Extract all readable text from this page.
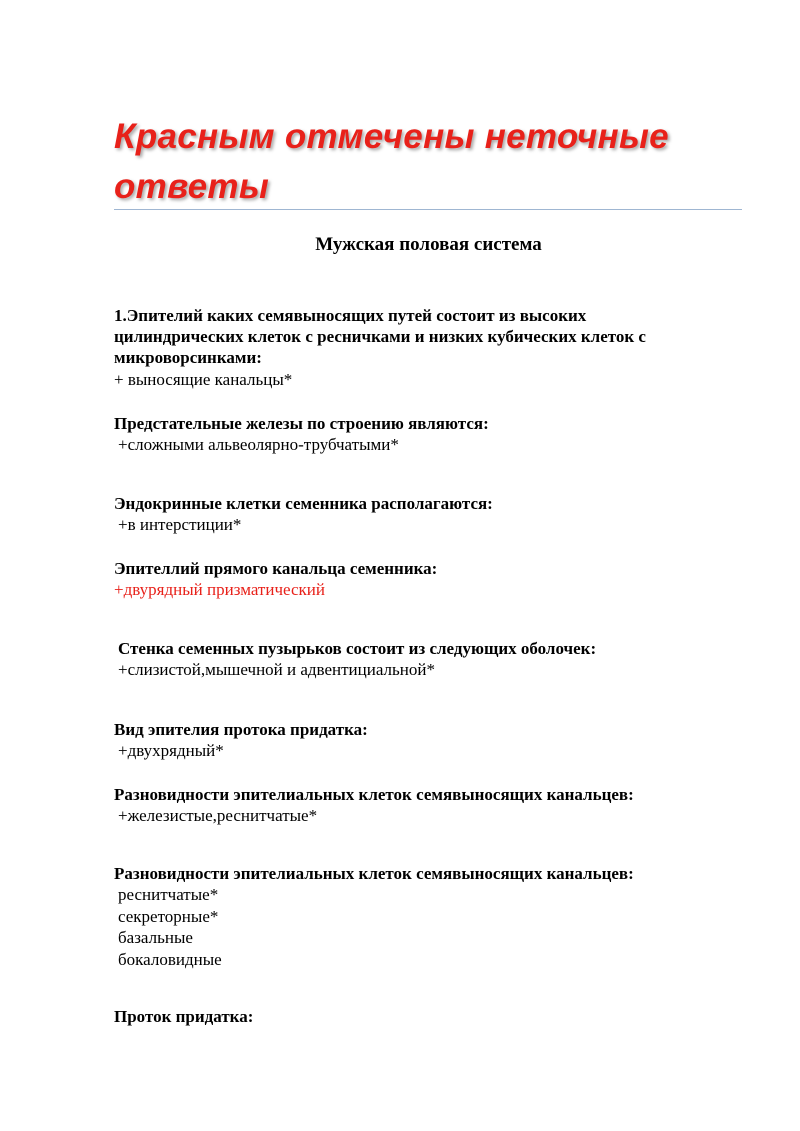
Красным отмечены неточные
ответы
Мужская половая система

1.Эпителий каких семявыносящих путей состоит из высоких
цилиндрических клеток с ресничками и низких кубических клеток с
микроворсинками:

+ выносящие канальцы*

Предстательные железы по строению являются:

+сложными альвеолярно-трубчатыми*

Эндокринные клетки семенника располагаются:

+в интерстиции*

Эпителлий прямого канальца семенника:

+двурядный призматический

Стенка семенных пузырьков состоит из следующих оболочек:

+слизистой,мышечной и адвентициальной*

Вид эпителия протока придатка:

+двухрядный*

Разновидности эпителиальных клеток семявыносящих канальцев:

+железистые,реснитчатые*

Разновидности эпителиальных клеток семявыносящих канальцев:

реснитчатые*
секреторные*
базальные
бокаловидные

Проток придатка:
